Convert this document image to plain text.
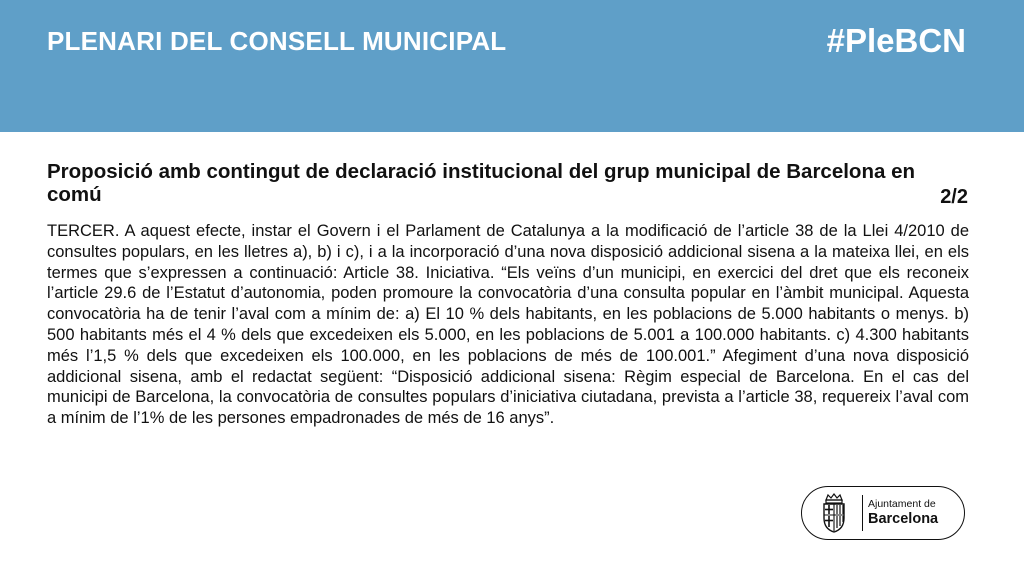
PLENARI DEL CONSELL MUNICIPAL	#PleBCN
Proposició amb contingut de declaració institucional del grup municipal de Barcelona en comú	2/2
TERCER. A aquest efecte, instar el Govern i el Parlament de Catalunya a la modificació de l’article 38 de la Llei 4/2010 de consultes populars, en les lletres a), b) i c), i a la incorporació d’una nova disposició addicional sisena a la mateixa llei, en els termes que s’expressen a continuació: Article 38. Iniciativa. “Els veïns d’un municipi, en exercici del dret que els reconeix l’article 29.6 de l’Estatut d’autonomia, poden promoure la convocatòria d’una consulta popular en l’àmbit municipal. Aquesta convocatòria ha de tenir l’aval com a mínim de: a) El 10 % dels habitants, en les poblacions de 5.000 habitants o menys. b) 500 habitants més el 4 % dels que excedeixen els 5.000, en les poblacions de 5.001 a 100.000 habitants. c) 4.300 habitants més l’1,5 % dels que excedeixen els 100.000, en les poblacions de més de 100.001.” Afegiment d’una nova disposició addicional sisena, amb el redactat següent: “Disposició addicional sisena: Règim especial de Barcelona. En el cas del municipi de Barcelona, la convocatòria de consultes populars d’iniciativa ciutadana, prevista a l’article 38, requereix l’aval com a mínim de l’1% de les persones empadronades de més de 16 anys”.
Ajuntament de
Barcelona
